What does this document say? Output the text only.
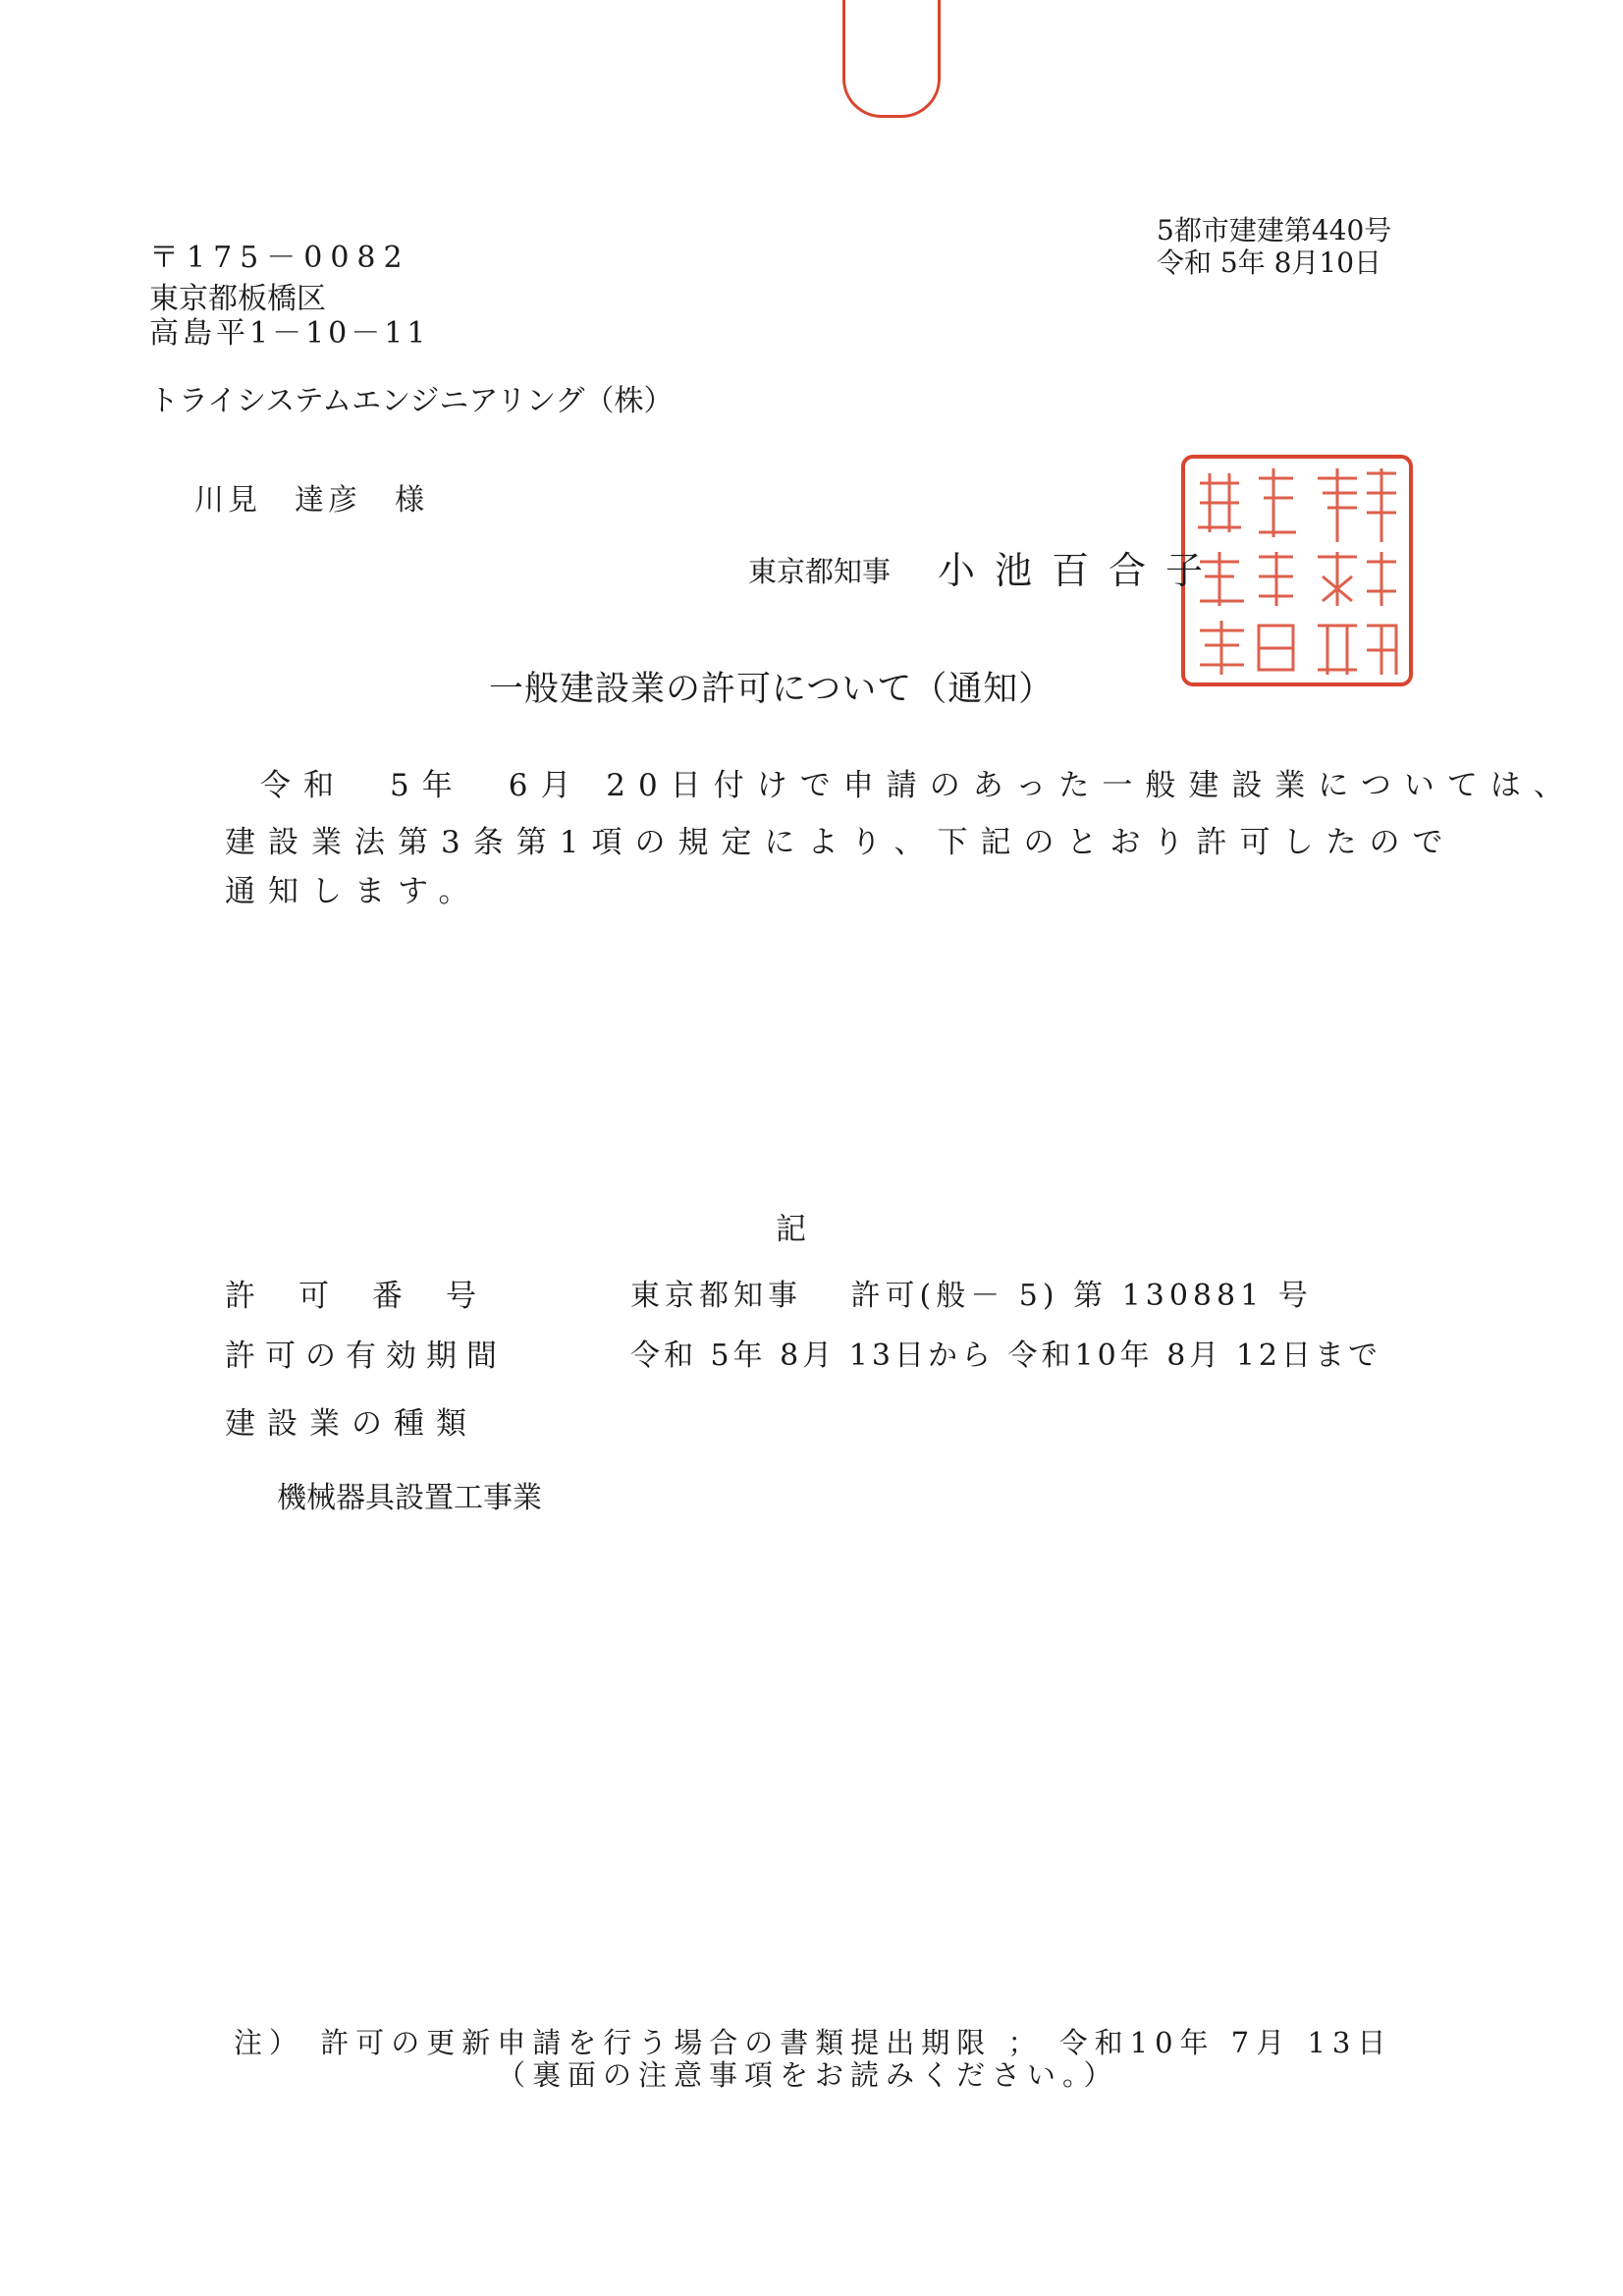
〒175－0082
東京都板橋区
高島平1－10－11
トライシステムエンジニアリング（株）
川見　達彦　様
5都市建建第440号
令和 5年 8月10日
東京都知事 小池百合子
一般建設業の許可について（通知）
令和　5年　6月 20日付けで申請のあった一般建設業については、
建設業法第3条第1項の規定により、下記のとおり許可したので
通知します。
記
許可番号	東京都知事　 許可(般－ 5) 第 130881 号
許可の有効期間	令和 5年 8月 13日から 令和10年 8月 12日まで
建設業の種類
機械器具設置工事業
注） 許可の更新申請を行う場合の書類提出期限 ； 令和10年 7月 13日
（裏面の注意事項をお読みください。）
